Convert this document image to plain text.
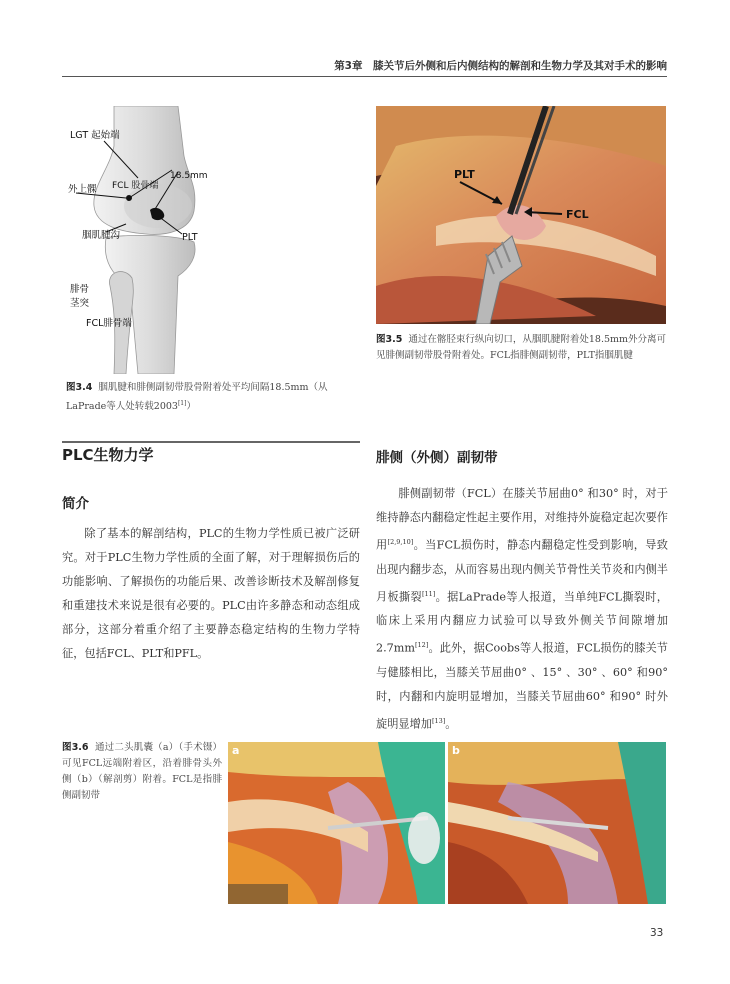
第3章　膝关节后外侧和后内侧结构的解剖和生物力学及其对手术的影响
LGT 起始端
FCL 股骨端
18.5mm
外上髁
腘肌腱沟	PLT
腓骨
茎突
FCL腓骨端
PLT
FCL
图3.4 腘肌腱和腓侧副韧带股骨附着处平均间隔18.5mm（从LaPrade等人处转载2003[1]）
图3.5 通过在髂胫束行纵向切口，从腘肌腱附着处18.5mm外分离可见腓侧副韧带股骨附着处。FCL指腓侧副韧带，PLT指腘肌腱
PLC生物力学
简介
除了基本的解剖结构，PLC的生物力学性质已被广泛研究。对于PLC生物力学性质的全面了解，对于理解损伤后的功能影响、了解损伤的功能后果、改善诊断技术及解剖修复和重建技术来说是很有必要的。PLC由许多静态和动态组成部分，这部分着重介绍了主要静态稳定结构的生物力学特征，包括FCL、PLT和PFL。
腓侧（外侧）副韧带
腓侧副韧带（FCL）在膝关节屈曲0° 和30° 时，对于维持静态内翻稳定性起主要作用，对维持外旋稳定起次要作用[2,9,10]。当FCL损伤时，静态内翻稳定性受到影响，导致出现内翻步态，从而容易出现内侧关节骨性关节炎和内侧半月板撕裂[11]。据LaPrade等人报道，当单纯FCL撕裂时，临床上采用内翻应力试验可以导致外侧关节间隙增加2.7mm[12]。此外，据Coobs等人报道，FCL损伤的膝关节与健膝相比，当膝关节屈曲0° 、15° 、30° 、60° 和90° 时，内翻和内旋明显增加，当膝关节屈曲60° 和90° 时外旋明显增加[13]。
图3.6 通过二头肌囊（a）（手术镊）可见FCL远端附着区，沿着腓骨头外侧（b）（解剖剪）附着。FCL是指腓侧副韧带
a	b
33
